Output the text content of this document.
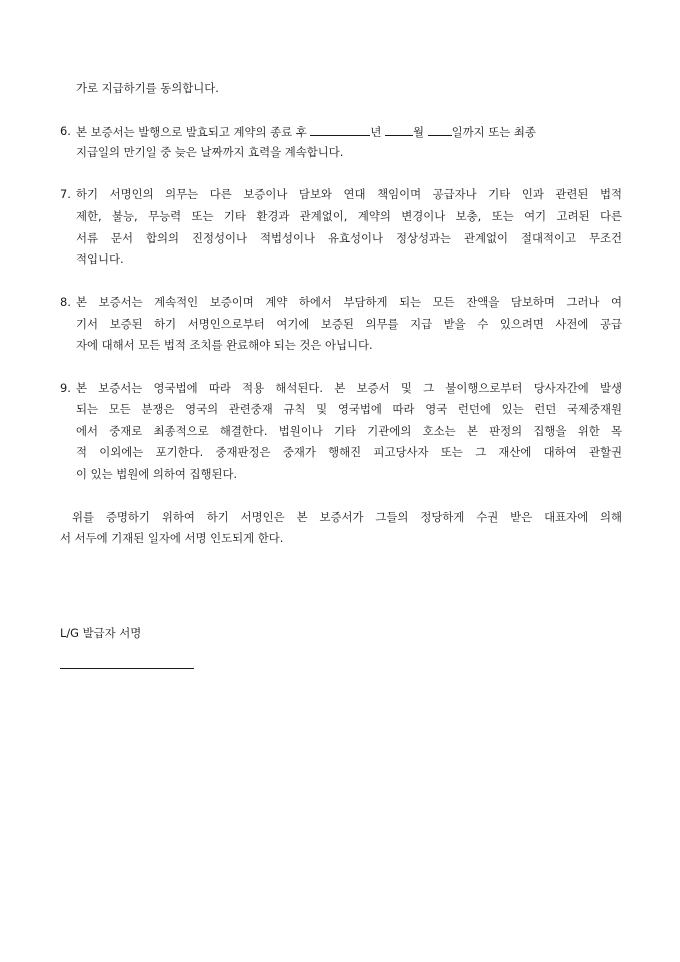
가로 지급하기를 동의합니다.
6. 본 보증서는 발행으로 발효되고 계약의 종료 후	년 월 일까지 또는 최종
지급일의 만기일 중 늦은 날짜까지 효력을 계속합니다.
7. 하기 서명인의 의무는 다른 보증이나 담보와 연대 책임이며 공급자나 기타 인과 관련된 법적
제한, 불능, 무능력 또는 기타 환경과 관계없이, 계약의 변경이나 보충, 또는 여기 고려된 다른
서류 문서 합의의 진정성이나 적법성이나 유효성이나 정상성과는 관계없이 절대적이고 무조건
적입니다.
8. 본 보증서는 계속적인 보증이며 계약 하에서 부담하게 되는 모든 잔액을 담보하며 그러나 여
기서 보증된 하기 서명인으로부터 여기에 보증된 의무를 지급 받을 수 있으려면 사전에 공급
자에 대해서 모든 법적 조치를 완료해야 되는 것은 아닙니다.
9. 본 보증서는 영국법에 따라 적용 해석된다. 본 보증서 및 그 불이행으로부터 당사자간에 발생
되는 모든 분쟁은 영국의 관련중재 규칙 및 영국법에 따라 영국 런던에 있는 런던 국제중재원
에서 중재로 최종적으로 해결한다. 법원이나 기타 기관에의 호소는 본 판정의 집행을 위한 목
적 이외에는 포기한다. 중재판정은 중재가 행해진 피고당사자 또는 그 재산에 대하여 관할권
이 있는 법원에 의하여 집행된다.
위를 증명하기 위하여 하기 서명인은 본 보증서가 그들의 정당하게 수권 받은 대표자에 의해
서 서두에 기재된 일자에 서명 인도되게 한다.
L/G 발급자 서명
